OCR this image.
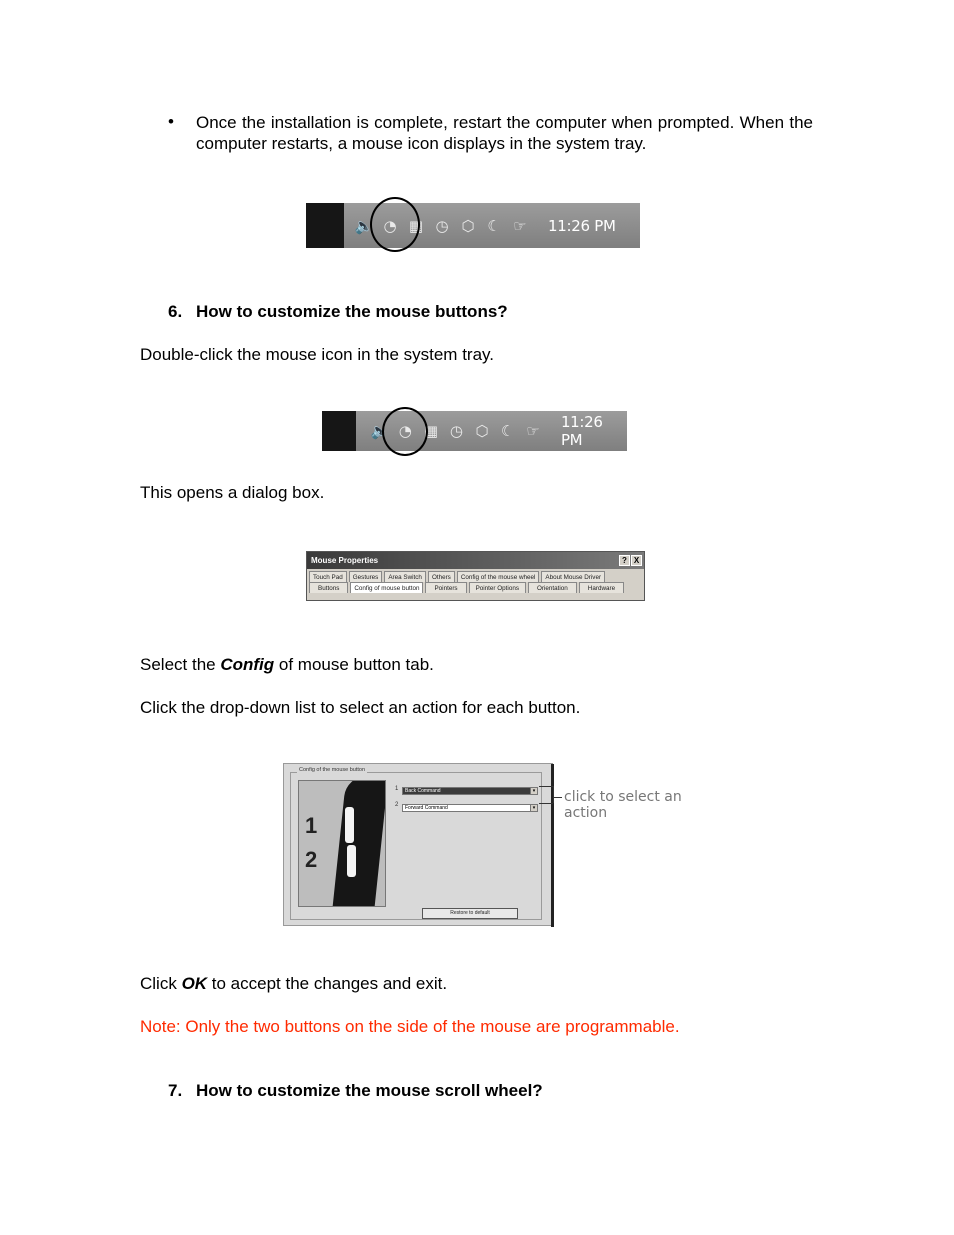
• Once the installation is complete, restart the computer when prompted. When the computer restarts, a mouse icon displays in the system tray.

🔈 ◔ ▦ ◷ ⬡ ☾ ☞ 11:26 PM

6. How to customize the mouse buttons?

Double-click the mouse icon in the system tray.

🔈 ◔ ▦ ◷ ⬡ ☾ ☞ 11:26 PM

This opens a dialog box.

Mouse Properties	? X
Touch Pad	Gestures	Area Switch	Others	Config of the mouse wheel	About Mouse Driver
Buttons	Config of mouse button	Pointers	Pointer Options	Orientation	Hardware

Select the Config of mouse button tab.

Click the drop-down list to select an action for each button.

Config of the mouse button
1
2
1	Back Command	▾
2	Forward Command	▾
Restore to default
click to select an
action

Click OK to accept the changes and exit.

Note: Only the two buttons on the side of the mouse are programmable.

7. How to customize the mouse scroll wheel?
